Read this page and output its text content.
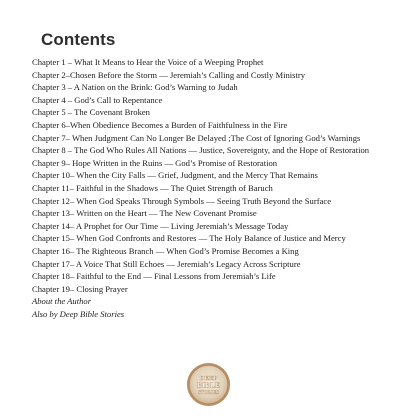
Contents
Chapter 1 – What It Means to Hear the Voice of a Weeping Prophet
Chapter 2–Chosen Before the Storm — Jeremiah’s Calling and Costly Ministry
Chapter 3 – A Nation on the Brink: God’s Warning to Judah
Chapter 4 – God’s Call to Repentance
Chapter 5 – The Covenant Broken
Chapter 6–When Obedience Becomes a Burden of Faithfulness in the Fire
Chapter 7– When Judgment Can No Longer Be Delayed ;The Cost of Ignoring God’s Warnings
Chapter 8 – The God Who Rules All Nations — Justice, Sovereignty, and the Hope of Restoration
Chapter 9– Hope Written in the Ruins — God’s Promise of Restoration
Chapter 10– When the City Falls — Grief, Judgment, and the Mercy That Remains
Chapter 11– Faithful in the Shadows — The Quiet Strength of Baruch
Chapter 12– When God Speaks Through Symbols — Seeing Truth Beyond the Surface
Chapter 13– Written on the Heart — The New Covenant Promise
Chapter 14– A Prophet for Our Time — Living Jeremiah’s Message Today
Chapter 15– When God Confronts and Restores — The Holy Balance of Justice and Mercy
Chapter 16– The Righteous Branch — When God’s Promise Becomes a King
Chapter 17– A Voice That Still Echoes — Jeremiah’s Legacy Across Scripture
Chapter 18– Faithful to the End — Final Lessons from Jeremiah’s Life
Chapter 19– Closing Prayer
About the Author
Also by Deep Bible Stories
DEEP
BIBLE
STORIES
